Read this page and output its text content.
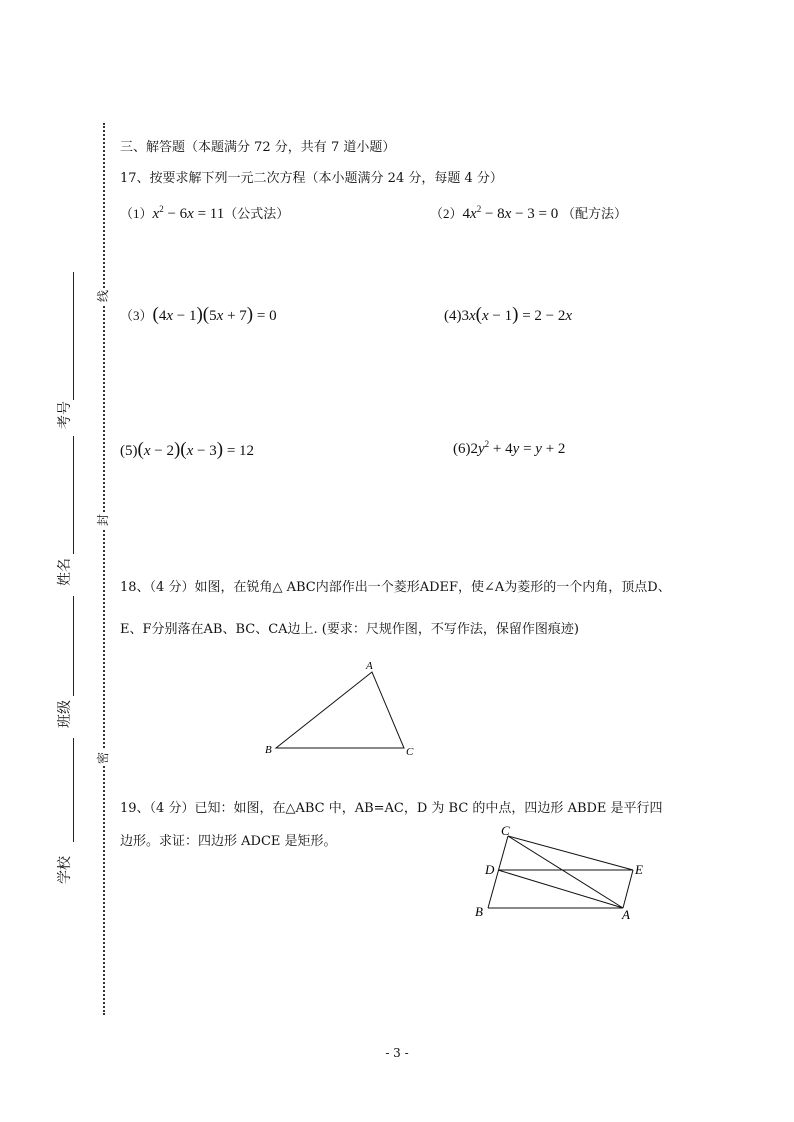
线
封
密
考号
姓名
班级
学校
三、解答题（本题满分 72 分，共有 7 道小题）
17、按要求解下列一元二次方程（本小题满分 24 分，每题 4 分）
$(1)x^2 - 6x = 11$（公式法）	$(2)4x^2 - 8x - 3 = 0$ （配方法）
（3）(4x − 1)(5x + 7) = 0	(4)3x(x − 1) = 2 − 2x
(5)(x − 2)(x − 3) = 12	$(6)2y^2 + 4y = y + 2$
18、（4 分）如图，在锐角△ ABC内部作出一个菱形ADEF，使∠A为菱形的一个内角，顶点D、
E、F分别落在AB、BC、CA边上. (要求：尺规作图，不写作法，保留作图痕迹)
A
B	C
19、（4 分）已知：如图，在△ABC 中，AB=AC，D 为 BC 的中点，四边形 ABDE 是平行四
边形。求证：四边形 ADCE 是矩形。
C
D	E
B	A
- 3 -
